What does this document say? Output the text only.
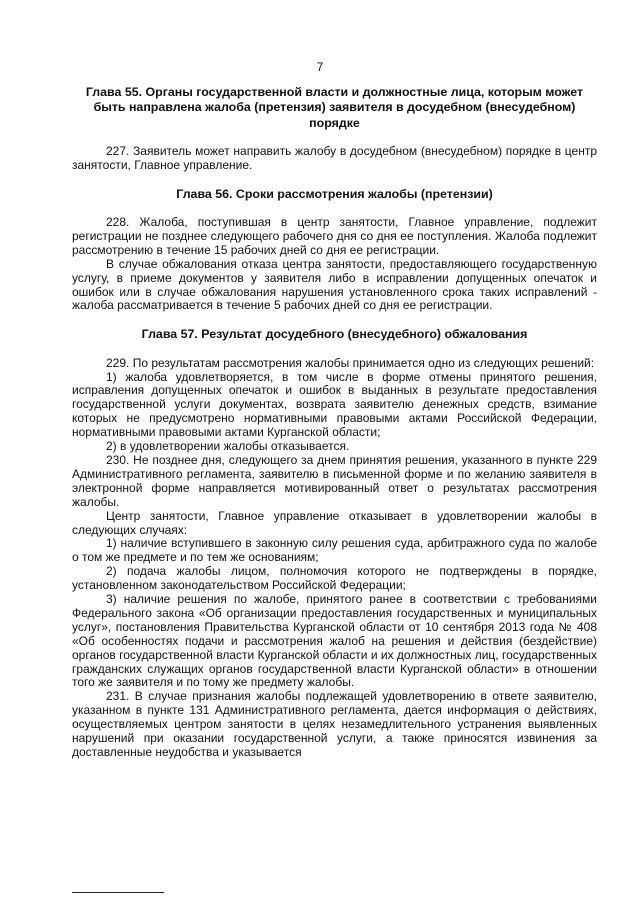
7
Глава 55. Органы государственной власти и должностные лица, которым может быть направлена жалоба (претензия) заявителя в досудебном (внесудебном) порядке

227. Заявитель может направить жалобу в досудебном (внесудебном) порядке в центр занятости, Главное управление.

Глава 56. Сроки рассмотрения жалобы (претензии)

228. Жалоба, поступившая в центр занятости, Главное управление, подлежит регистрации не позднее следующего рабочего дня со дня ее поступления. Жалоба подлежит рассмотрению в течение 15 рабочих дней со дня ее регистрации.

В случае обжалования отказа центра занятости, предоставляющего государственную услугу, в приеме документов у заявителя либо в исправлении допущенных опечаток и ошибок или в случае обжалования нарушения установленного срока таких исправлений - жалоба рассматривается в течение 5 рабочих дней со дня ее регистрации.

Глава 57. Результат досудебного (внесудебного) обжалования

229. По результатам рассмотрения жалобы принимается одно из следующих решений:

1) жалоба удовлетворяется, в том числе в форме отмены принятого решения, исправления допущенных опечаток и ошибок в выданных в результате предоставления государственной услуги документах, возврата заявителю денежных средств, взимание которых не предусмотрено нормативными правовыми актами Российской Федерации, нормативными правовыми актами Курганской области;

2) в удовлетворении жалобы отказывается.

230. Не позднее дня, следующего за днем принятия решения, указанного в пункте 229 Административного регламента, заявителю в письменной форме и по желанию заявителя в электронной форме направляется мотивированный ответ о результатах рассмотрения жалобы.

Центр занятости, Главное управление отказывает в удовлетворении жалобы в следующих случаях:

1) наличие вступившего в законную силу решения суда, арбитражного суда по жалобе о том же предмете и по тем же основаниям;

2) подача жалобы лицом, полномочия которого не подтверждены в порядке, установленном законодательством Российской Федерации;

3) наличие решения по жалобе, принятого ранее в соответствии с требованиями Федерального закона «Об организации предоставления государственных и муниципальных услуг», постановления Правительства Курганской области от 10 сентября 2013 года № 408 «Об особенностях подачи и рассмотрения жалоб на решения и действия (бездействие) органов государственной власти Курганской области и их должностных лиц, государственных гражданских служащих органов государственной власти Курганской области» в отношении того же заявителя и по тому же предмету жалобы.

231. В случае признания жалобы подлежащей удовлетворению в ответе заявителю, указанном в пункте 131 Административного регламента, дается информация о действиях, осуществляемых центром занятости в целях незамедлительного устранения выявленных нарушений при оказании государственной услуги, а также приносятся извинения за доставленные неудобства и указывается
